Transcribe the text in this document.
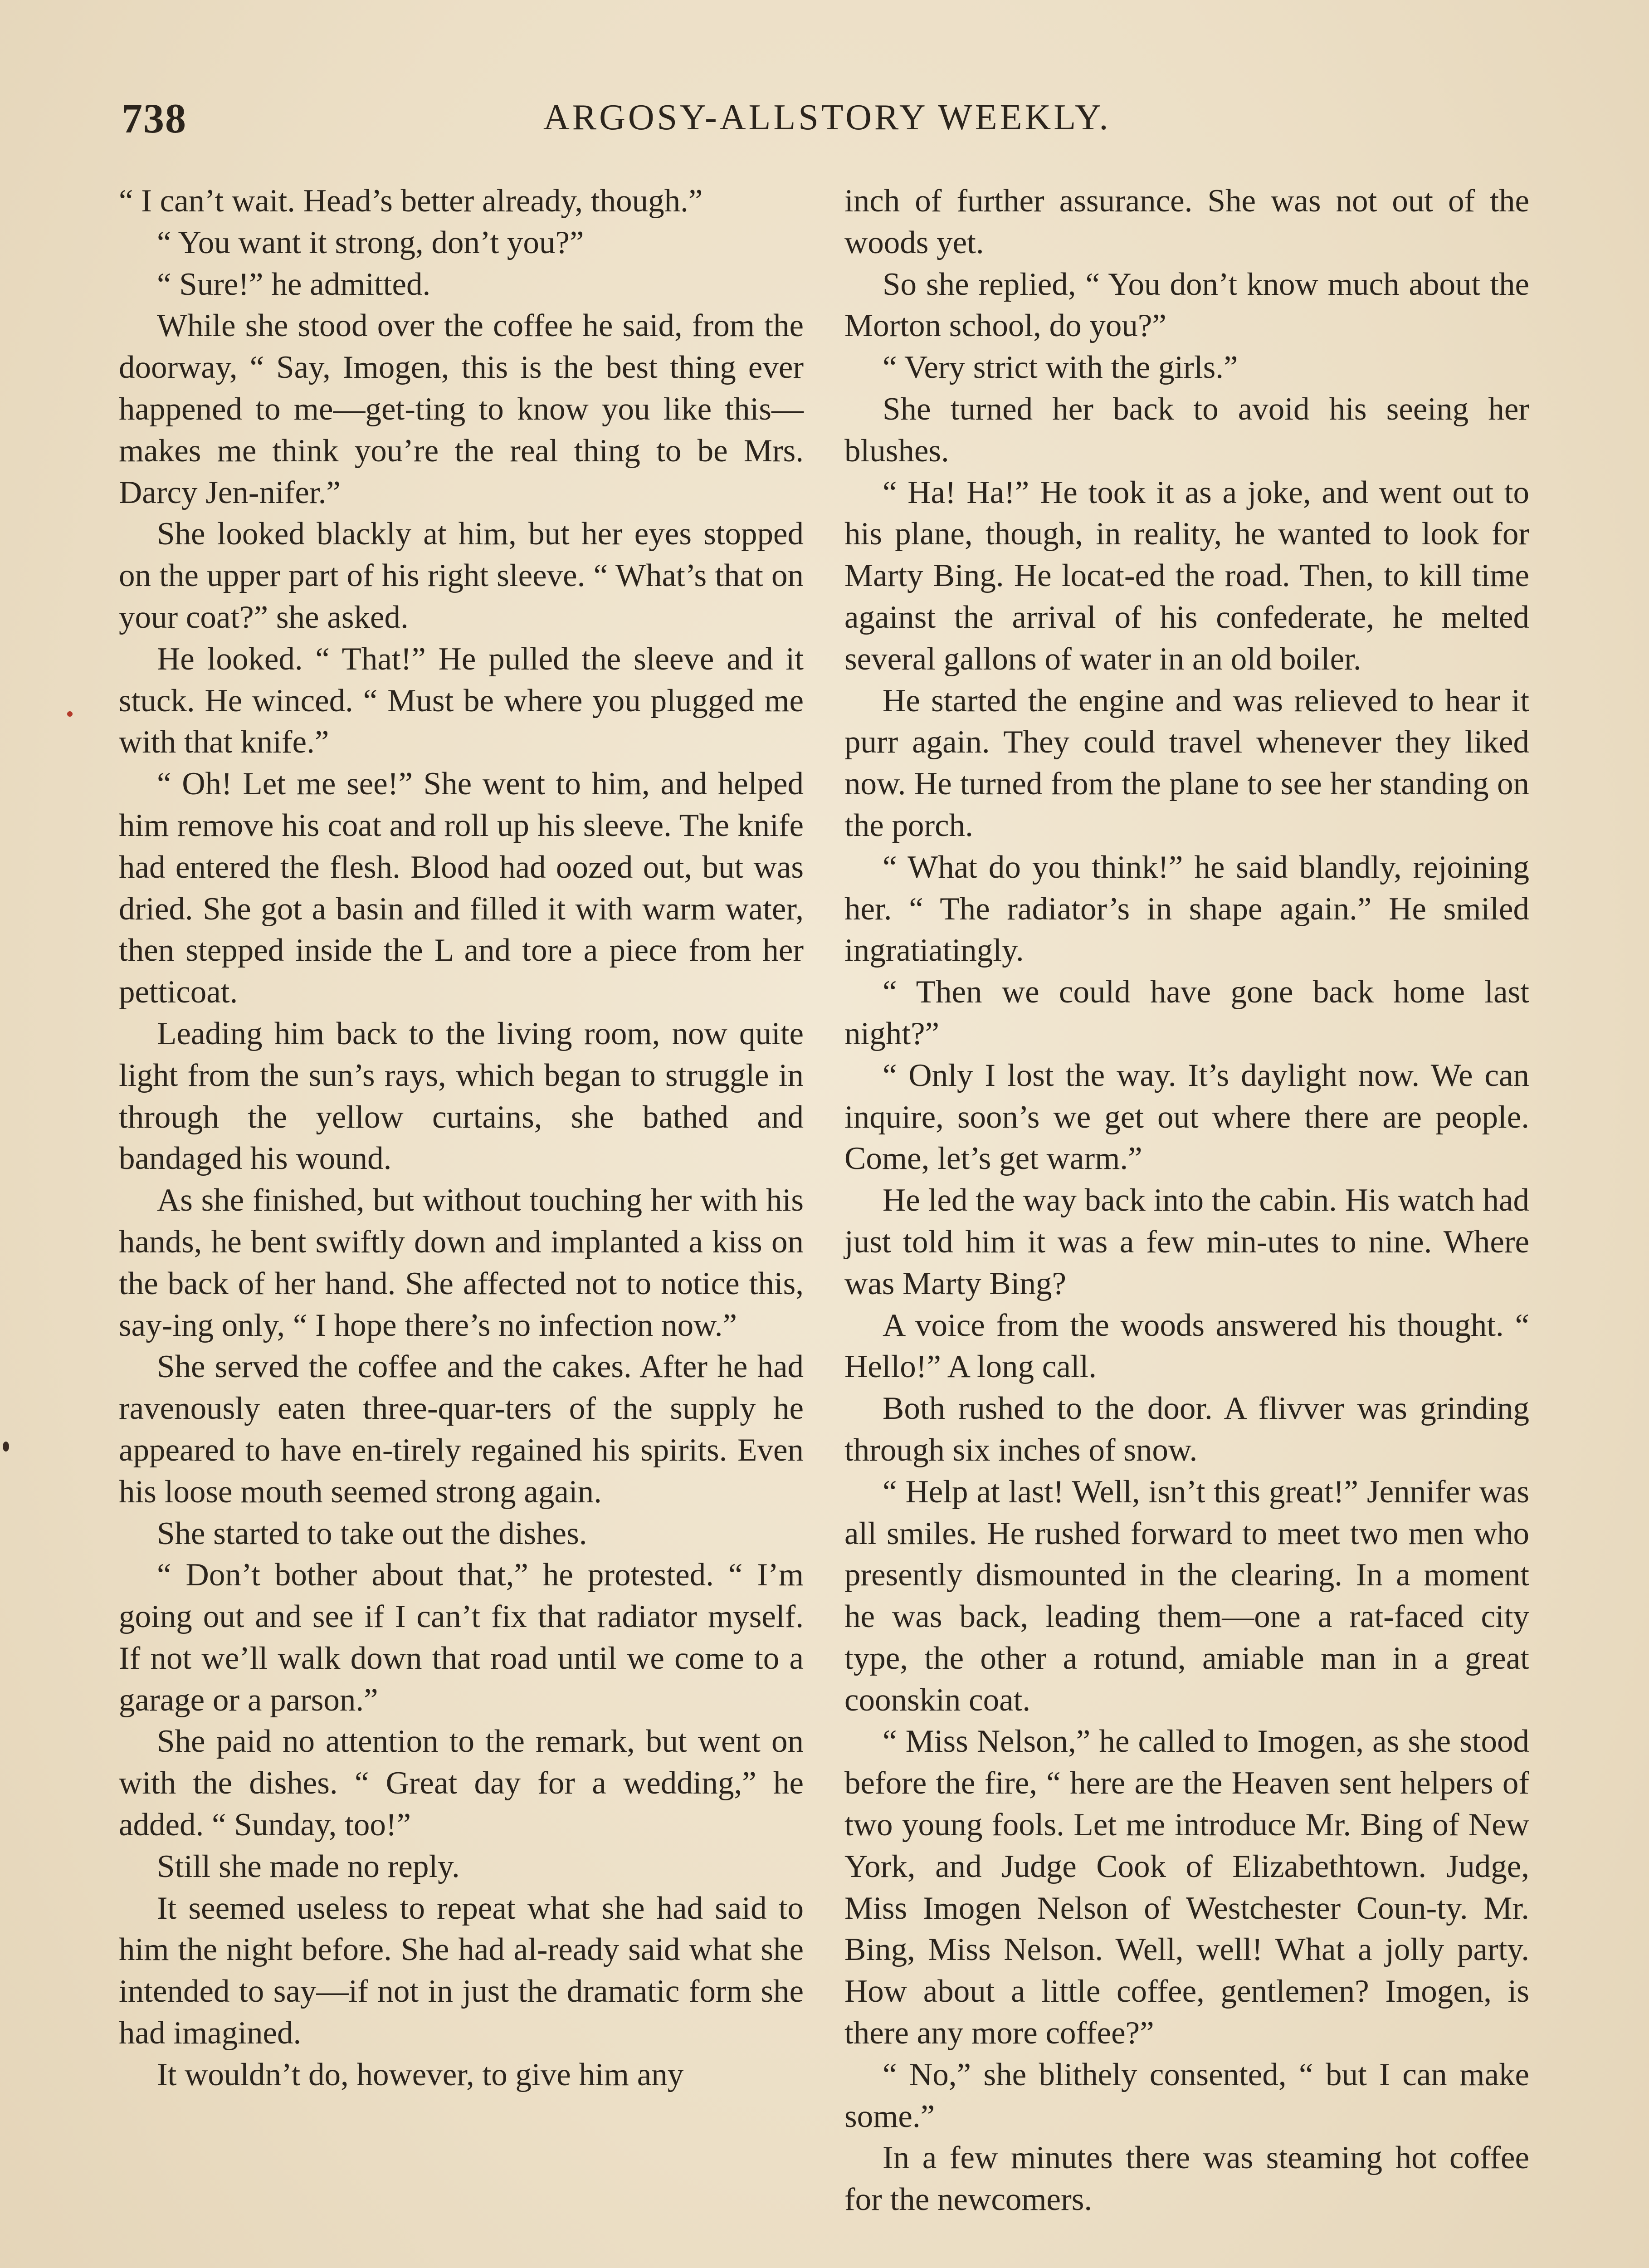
738	ARGOSY-ALLSTORY WEEKLY.

“ I can’t wait. Head’s better already, though.”

“ You want it strong, don’t you?”

“ Sure!” he admitted.

While she stood over the coffee he said, from the doorway, “ Say, Imogen, this is the best thing ever happened to me—get-ting to know you like this—makes me think you’re the real thing to be Mrs. Darcy Jen-nifer.”

She looked blackly at him, but her eyes stopped on the upper part of his right sleeve. “ What’s that on your coat?” she asked.

He looked. “ That!” He pulled the sleeve and it stuck. He winced. “ Must be where you plugged me with that knife.”

“ Oh! Let me see!” She went to him, and helped him remove his coat and roll up his sleeve. The knife had entered the flesh. Blood had oozed out, but was dried. She got a basin and filled it with warm water, then stepped inside the L and tore a piece from her petticoat.

Leading him back to the living room, now quite light from the sun’s rays, which began to struggle in through the yellow curtains, she bathed and bandaged his wound.

As she finished, but without touching her with his hands, he bent swiftly down and implanted a kiss on the back of her hand. She affected not to notice this, say-ing only, “ I hope there’s no infection now.”

She served the coffee and the cakes. After he had ravenously eaten three-quar-ters of the supply he appeared to have en-tirely regained his spirits. Even his loose mouth seemed strong again.

She started to take out the dishes.

“ Don’t bother about that,” he protested. “ I’m going out and see if I can’t fix that radiator myself. If not we’ll walk down that road until we come to a garage or a parson.”

She paid no attention to the remark, but went on with the dishes. “ Great day for a wedding,” he added. “ Sunday, too!”

Still she made no reply.

It seemed useless to repeat what she had said to him the night before. She had al-ready said what she intended to say—if not in just the dramatic form she had imagined.

It wouldn’t do, however, to give him any

inch of further assurance. She was not out of the woods yet.

So she replied, “ You don’t know much about the Morton school, do you?”

“ Very strict with the girls.”

She turned her back to avoid his seeing her blushes.

“ Ha! Ha!” He took it as a joke, and went out to his plane, though, in reality, he wanted to look for Marty Bing. He locat-ed the road. Then, to kill time against the arrival of his confederate, he melted several gallons of water in an old boiler.

He started the engine and was relieved to hear it purr again. They could travel whenever they liked now. He turned from the plane to see her standing on the porch.

“ What do you think!” he said blandly, rejoining her. “ The radiator’s in shape again.” He smiled ingratiatingly.

“ Then we could have gone back home last night?”

“ Only I lost the way. It’s daylight now. We can inquire, soon’s we get out where there are people. Come, let’s get warm.”

He led the way back into the cabin. His watch had just told him it was a few min-utes to nine. Where was Marty Bing?

A voice from the woods answered his thought. “ Hello!” A long call.

Both rushed to the door. A flivver was grinding through six inches of snow.

“ Help at last! Well, isn’t this great!” Jennifer was all smiles. He rushed forward to meet two men who presently dismounted in the clearing. In a moment he was back, leading them—one a rat-faced city type, the other a rotund, amiable man in a great coonskin coat.

“ Miss Nelson,” he called to Imogen, as she stood before the fire, “ here are the Heaven sent helpers of two young fools. Let me introduce Mr. Bing of New York, and Judge Cook of Elizabethtown. Judge, Miss Imogen Nelson of Westchester Coun-ty. Mr. Bing, Miss Nelson. Well, well! What a jolly party. How about a little coffee, gentlemen? Imogen, is there any more coffee?”

“ No,” she blithely consented, “ but I can make some.”

In a few minutes there was steaming hot coffee for the newcomers.
